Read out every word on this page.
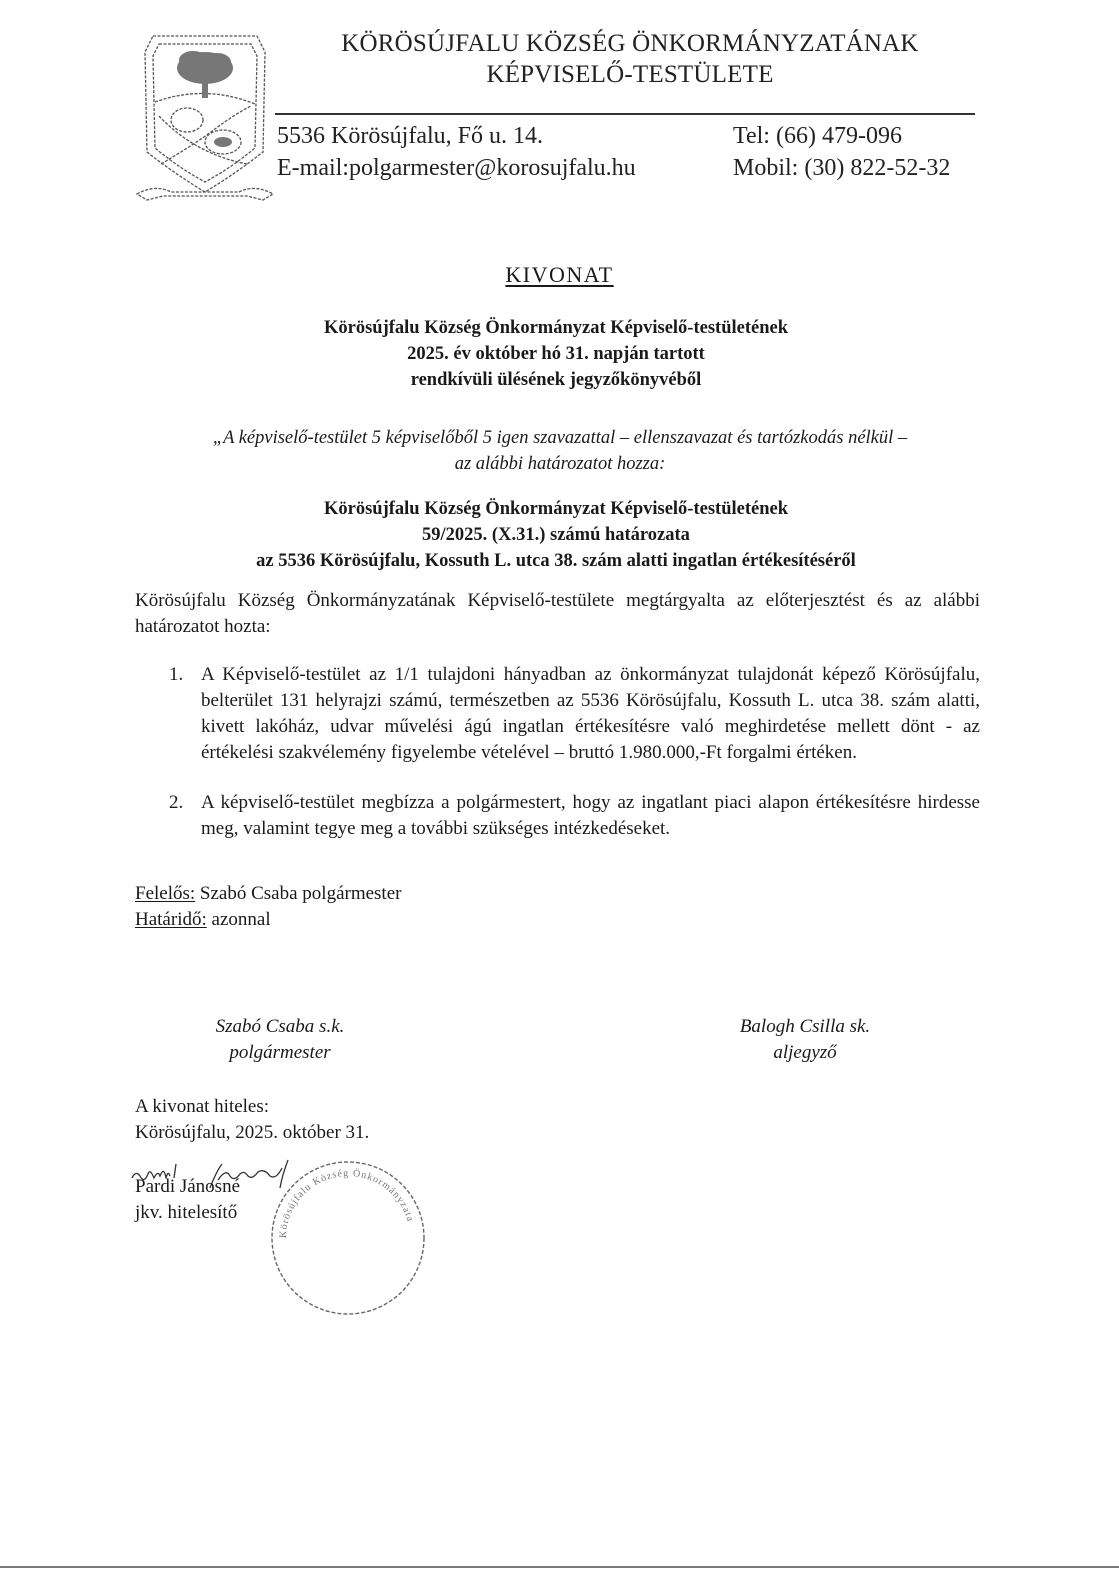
KÖRÖSÚJFALU KÖZSÉG ÖNKORMÁNYZATÁNAK
KÉPVISELŐ-TESTÜLETE
5536 Körösújfalu, Fő u. 14.
E-mail:polgarmester@korosujfalu.hu
Tel: (66) 479-096
Mobil: (30) 822-52-32
KIVONAT
Körösújfalu Község Önkormányzat Képviselő-testületének
2025. év október hó 31. napján tartott
rendkívüli ülésének jegyzőkönyvéből
„A képviselő-testület 5 képviselőből 5 igen szavazattal – ellenszavazat és tartózkodás nélkül –
az alábbi határozatot hozza:
Körösújfalu Község Önkormányzat Képviselő-testületének
59/2025. (X.31.) számú határozata
az 5536 Körösújfalu, Kossuth L. utca 38. szám alatti ingatlan értékesítéséről
Körösújfalu Község Önkormányzatának Képviselő-testülete megtárgyalta az előterjesztést és az alábbi határozatot hozta:
1. A Képviselő-testület az 1/1 tulajdoni hányadban az önkormányzat tulajdonát képező Körösújfalu, belterület 131 helyrajzi számú, természetben az 5536 Körösújfalu, Kossuth L. utca 38. szám alatti, kivett lakóház, udvar művelési ágú ingatlan értékesítésre való meghirdetése mellett dönt - az értékelési szakvélemény figyelembe vételével – bruttó 1.980.000,-Ft forgalmi értéken.
2. A képviselő-testület megbízza a polgármestert, hogy az ingatlant piaci alapon értékesítésre hirdesse meg, valamint tegye meg a további szükséges intézkedéseket.
Felelős: Szabó Csaba polgármester
Határidő: azonnal
Szabó Csaba s.k.
polgármester
Balogh Csilla sk.
aljegyző
A kivonat hiteles:
Körösújfalu, 2025. október 31.
Pardi Jánosné
jkv. hitelesítő
Körösújfalu Község Önkormányzata
